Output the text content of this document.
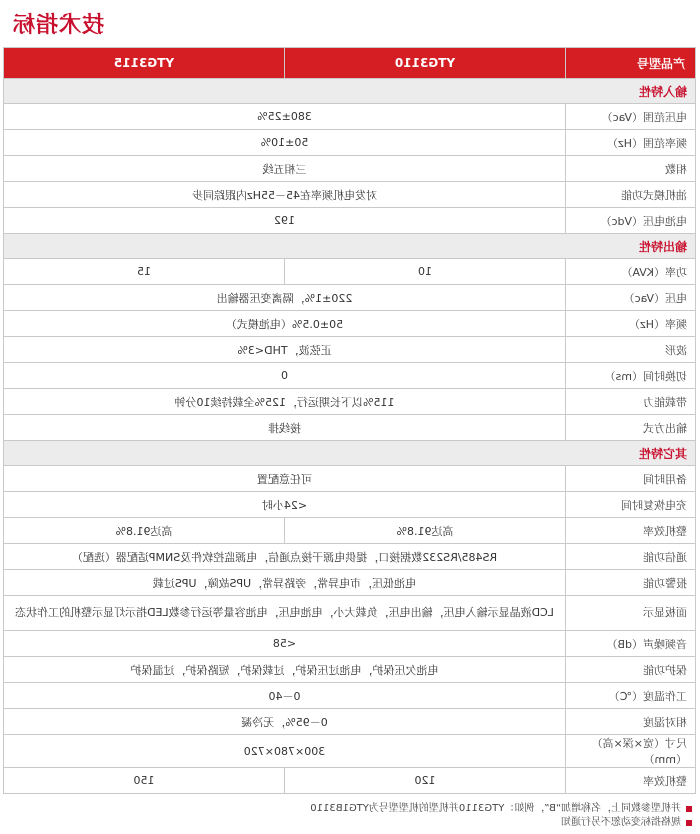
技术指标
产品型号	YTG3110	YTG3115
输入特性		
电压范围（Vac）	380±25%	
频率范围（Hz）	50±10%	
相数	三相五线	
油机模式功能	对发电机频率在45－55Hz内跟踪同步	
电池电压（Vdc）	192	
输出特性		
功率（KVA）	10	15
电压（Vac）	220±1%，隔离变压器输出	
频率（Hz）	50±0.5%（电池模式）	
波形	正弦波，THD<3%	
切换时间（ms）	0	
带载能力	115%以下长期运行，125%全载持续10分钟	
输出方式	接线排	
其它特性		
备用时间	可任意配置	
充电恢复时间	<24小时	
整机效率	高达91.8%	高达91.8%
通信功能	RS485/RS232数据接口，提供电源干接点通信，电源监控软件及SNMP适配器（选配）	
报警功能	电池低压，市电异常，旁路异常，UPS故障，UPS过载	
面板显示	LCD液晶显示输入电压，输出电压，负载大小，电池电压，电池容量等运行参数LED指示灯显示整机的工作状态	
音频噪声（dB）	<58	
保护功能	电池欠压保护，电池过压保护，过载保护，短路保护，过温保护	
工作温度（℃）	0－40	
相对湿度	0－95%，无冷凝	
尺寸（宽×深×高）（mm）	300×780×720	
整机效率	120	150
并机型参数同上，名称增加“B”，例如：YTG3110并机型的机型型号为YTG1B3110
规格指标变动恕不另行通知
